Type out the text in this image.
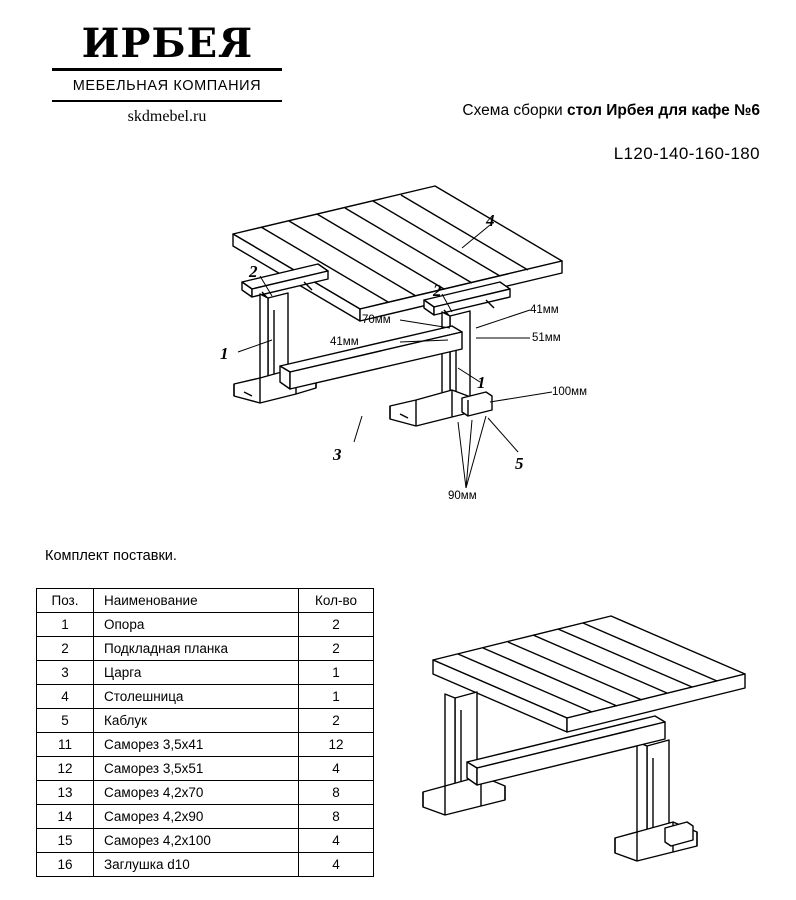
ИРБЕR
МЕБЕЛЬНАЯ КОМПАНИЯ
skdmebel.ru	Схема сборки стол Ирбея для кафе №6
L120-140-160-180
4
2
2
1
1
3	5
70мм
41мм
41мм
51мм
100мм
90мм
Комплект поставки.
Поз.	Наименование	Кол-во
1	Опора	2
2	Подкладная планка	2
3	Царга	1
4	Столешница	1
5	Каблук	2
11	Саморез 3,5х41	12
12	Саморез 3,5х51	4
13	Саморез 4,2х70	8
14	Саморез 4,2х90	8
15	Саморез 4,2х100	4
16	Заглушка d10	4
